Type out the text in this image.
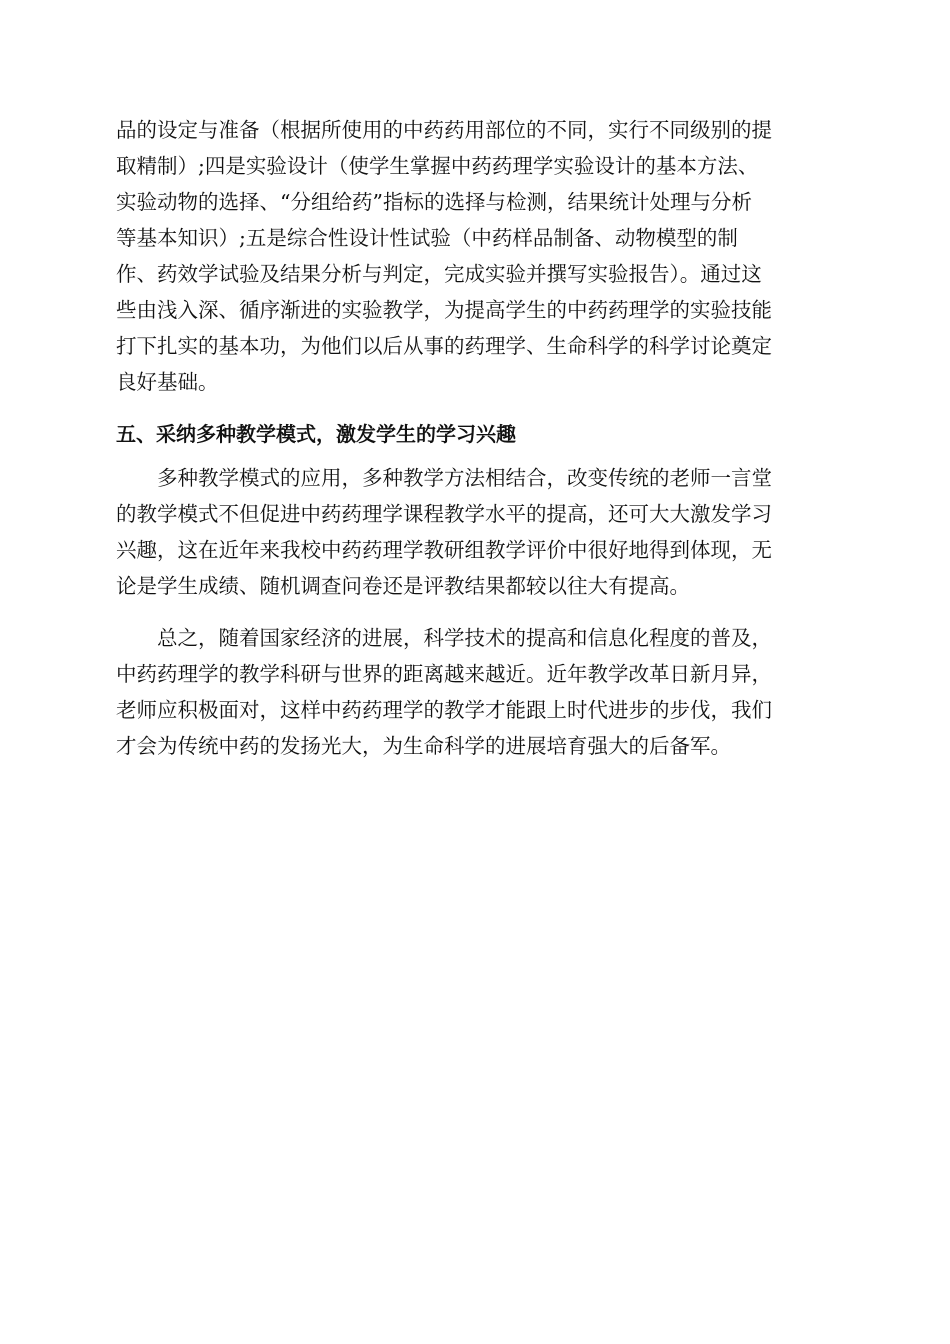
品的设定与准备（根据所使用的中药药用部位的不同，实行不同级别的提
取精制）;四是实验设计（使学生掌握中药药理学实验设计的基本方法、
实验动物的选择、“分组给药”指标的选择与检测，结果统计处理与分析
等基本知识）;五是综合性设计性试验（中药样品制备、动物模型的制
作、药效学试验及结果分析与判定，完成实验并撰写实验报告）。通过这
些由浅入深、循序渐进的实验教学，为提高学生的中药药理学的实验技能
打下扎实的基本功，为他们以后从事的药理学、生命科学的科学讨论奠定
良好基础。
五、采纳多种教学模式，激发学生的学习兴趣
多种教学模式的应用，多种教学方法相结合，改变传统的老师一言堂
的教学模式不但促进中药药理学课程教学水平的提高，还可大大激发学习
兴趣，这在近年来我校中药药理学教研组教学评价中很好地得到体现，无
论是学生成绩、随机调查问卷还是评教结果都较以往大有提高。
总之，随着国家经济的进展，科学技术的提高和信息化程度的普及，
中药药理学的教学科研与世界的距离越来越近。近年教学改革日新月异，
老师应积极面对，这样中药药理学的教学才能跟上时代进步的步伐，我们
才会为传统中药的发扬光大，为生命科学的进展培育强大的后备军。
